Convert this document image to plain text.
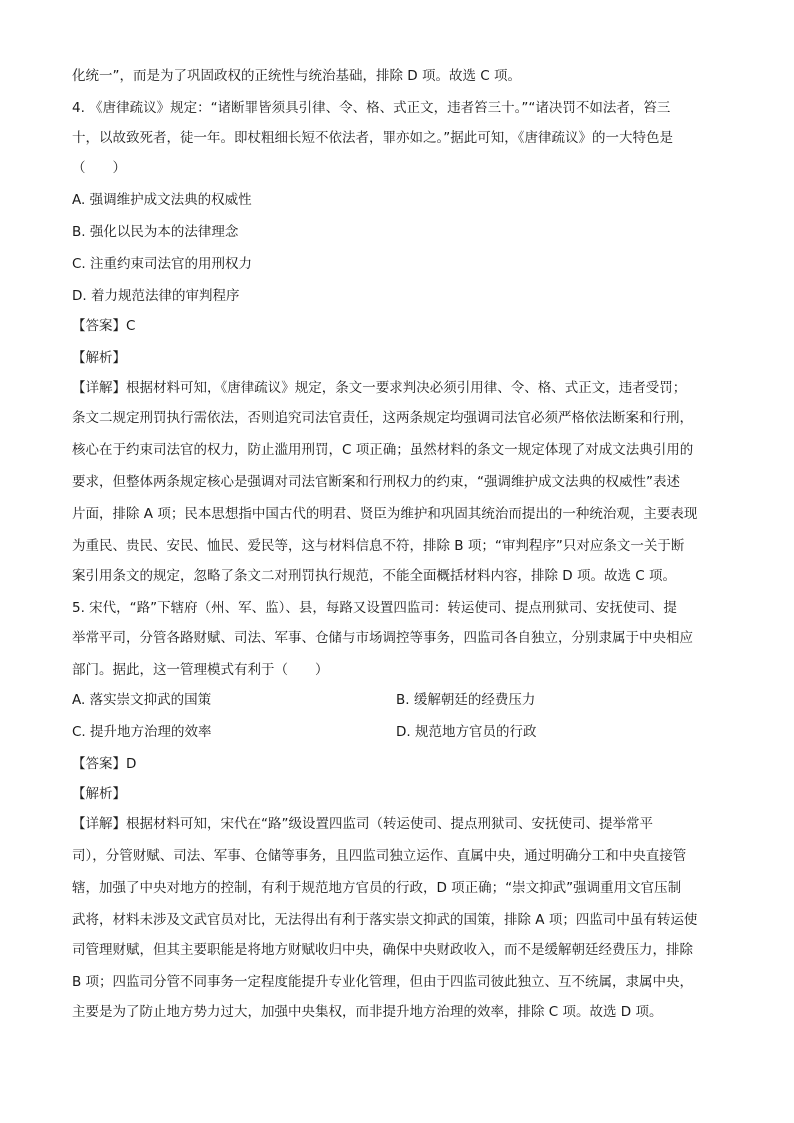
化统一”，而是为了巩固政权的正统性与统治基础，排除 D 项。故选 C 项。
4. 《唐律疏议》规定：“诸断罪皆须具引律、令、格、式正文，违者笞三十。”“诸决罚不如法者，笞三
十，以故致死者，徒一年。即杖粗细长短不依法者，罪亦如之。”据此可知，《唐律疏议》的一大特色是
（　　）
A. 强调维护成文法典的权威性
B. 强化以民为本的法律理念
C. 注重约束司法官的用刑权力
D. 着力规范法律的审判程序
【答案】C
【解析】
【详解】根据材料可知，《唐律疏议》规定，条文一要求判决必须引用律、令、格、式正文，违者受罚；
条文二规定刑罚执行需依法，否则追究司法官责任，这两条规定均强调司法官必须严格依法断案和行刑，
核心在于约束司法官的权力，防止滥用刑罚，C 项正确；虽然材料的条文一规定体现了对成文法典引用的
要求，但整体两条规定核心是强调对司法官断案和行刑权力的约束，“强调维护成文法典的权威性”表述
片面，排除 A 项；民本思想指中国古代的明君、贤臣为维护和巩固其统治而提出的一种统治观，主要表现
为重民、贵民、安民、恤民、爱民等，这与材料信息不符，排除 B 项；“审判程序”只对应条文一关于断
案引用条文的规定，忽略了条文二对刑罚执行规范，不能全面概括材料内容，排除 D 项。故选 C 项。
5. 宋代，“路”下辖府（州、军、监）、县，每路又设置四监司：转运使司、提点刑狱司、安抚使司、提
举常平司，分管各路财赋、司法、军事、仓储与市场调控等事务，四监司各自独立，分别隶属于中央相应
部门。据此，这一管理模式有利于（　　）
A. 落实崇文抑武的国策	B. 缓解朝廷的经费压力
C. 提升地方治理的效率	D. 规范地方官员的行政
【答案】D
【解析】
【详解】根据材料可知，宋代在“路”级设置四监司（转运使司、提点刑狱司、安抚使司、提举常平
司），分管财赋、司法、军事、仓储等事务，且四监司独立运作、直属中央，通过明确分工和中央直接管
辖，加强了中央对地方的控制，有利于规范地方官员的行政，D 项正确；“崇文抑武”强调重用文官压制
武将，材料未涉及文武官员对比，无法得出有利于落实崇文抑武的国策，排除 A 项；四监司中虽有转运使
司管理财赋，但其主要职能是将地方财赋收归中央，确保中央财政收入，而不是缓解朝廷经费压力，排除
B 项；四监司分管不同事务一定程度能提升专业化管理，但由于四监司彼此独立、互不统属，隶属中央，
主要是为了防止地方势力过大，加强中央集权，而非提升地方治理的效率，排除 C 项。故选 D 项。
